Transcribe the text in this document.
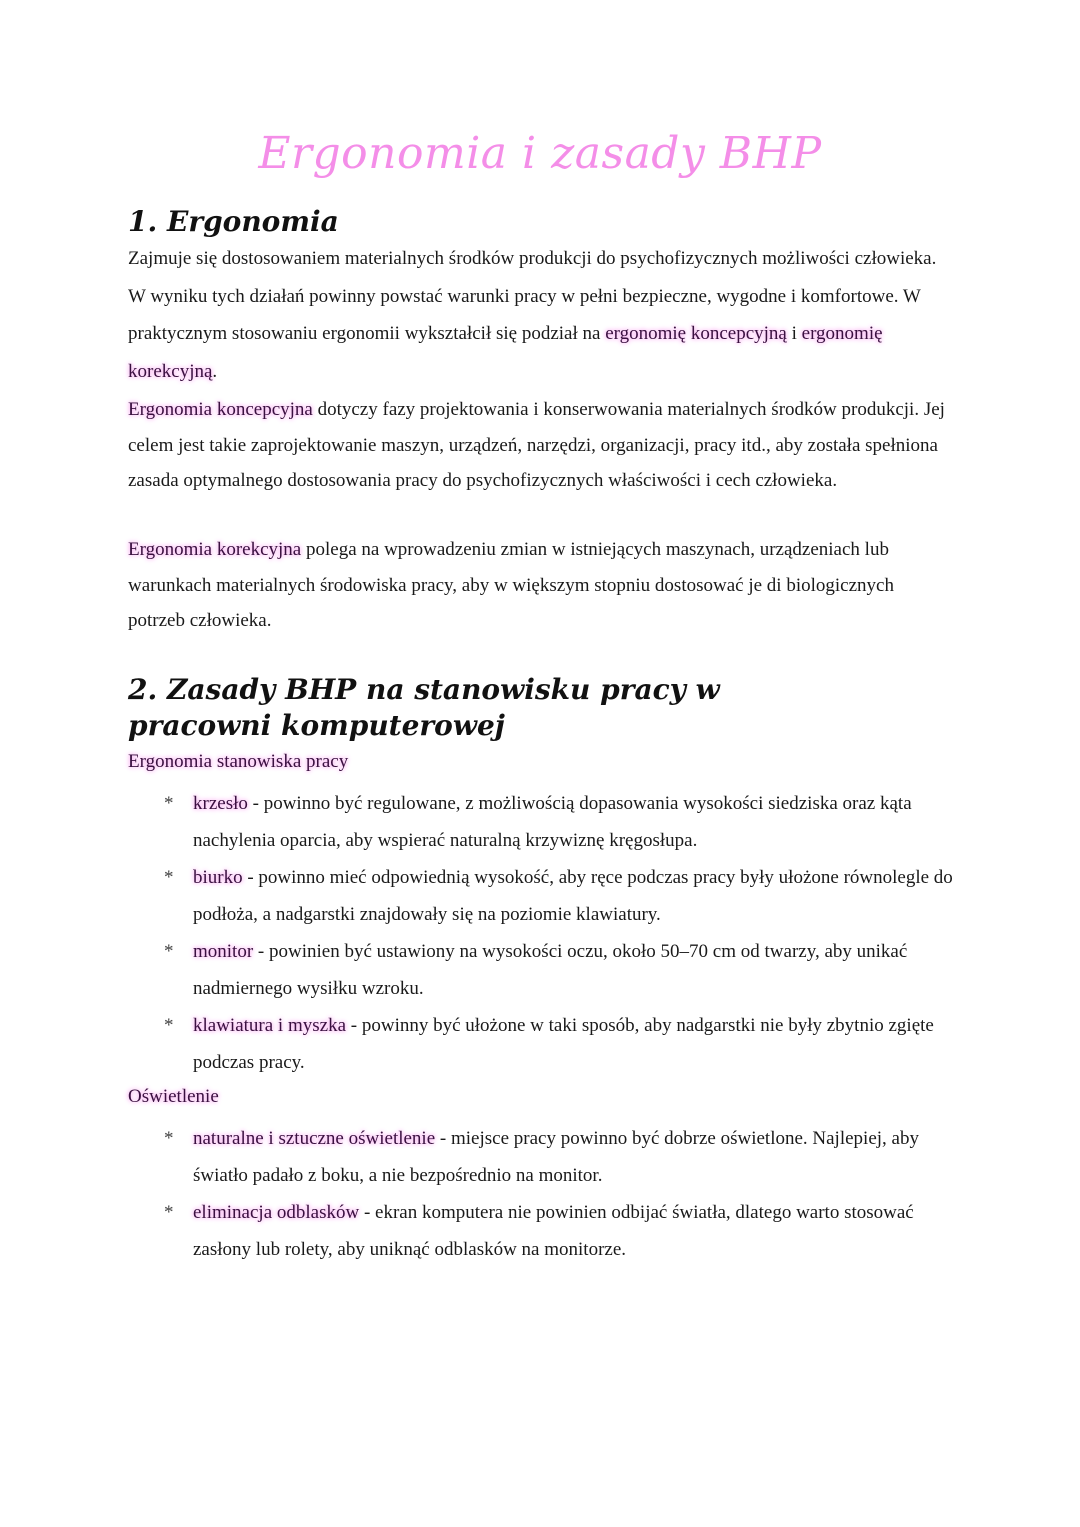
Ergonomia i zasady BHP
1. Ergonomia
Zajmuje się dostosowaniem materialnych środków produkcji do psychofizycznych możliwości człowieka. W wyniku tych działań powinny powstać warunki pracy w pełni bezpieczne, wygodne i komfortowe. W praktycznym stosowaniu ergonomii wykształcił się podział na ergonomię koncepcyjną i ergonomię korekcyjną.
Ergonomia koncepcyjna dotyczy fazy projektowania i konserwowania materialnych środków produkcji. Jej celem jest takie zaprojektowanie maszyn, urządzeń, narzędzi, organizacji, pracy itd., aby została spełniona zasada optymalnego dostosowania pracy do psychofizycznych właściwości i cech człowieka.
Ergonomia korekcyjna polega na wprowadzeniu zmian w istniejących maszynach, urządzeniach lub warunkach materialnych środowiska pracy, aby w większym stopniu dostosować je di biologicznych potrzeb człowieka.
2. Zasady BHP na stanowisku pracy w pracowni komputerowej
Ergonomia stanowiska pracy
* krzesło - powinno być regulowane, z możliwością dopasowania wysokości siedziska oraz kąta nachylenia oparcia, aby wspierać naturalną krzywiznę kręgosłupa.
* biurko - powinno mieć odpowiednią wysokość, aby ręce podczas pracy były ułożone równolegle do podłoża, a nadgarstki znajdowały się na poziomie klawiatury.
* monitor - powinien być ustawiony na wysokości oczu, około 50–70 cm od twarzy, aby unikać nadmiernego wysiłku wzroku.
* klawiatura i myszka - powinny być ułożone w taki sposób, aby nadgarstki nie były zbytnio zgięte podczas pracy.
Oświetlenie
* naturalne i sztuczne oświetlenie - miejsce pracy powinno być dobrze oświetlone. Najlepiej, aby światło padało z boku, a nie bezpośrednio na monitor.
* eliminacja odblasków - ekran komputera nie powinien odbijać światła, dlatego warto stosować zasłony lub rolety, aby uniknąć odblasków na monitorze.
